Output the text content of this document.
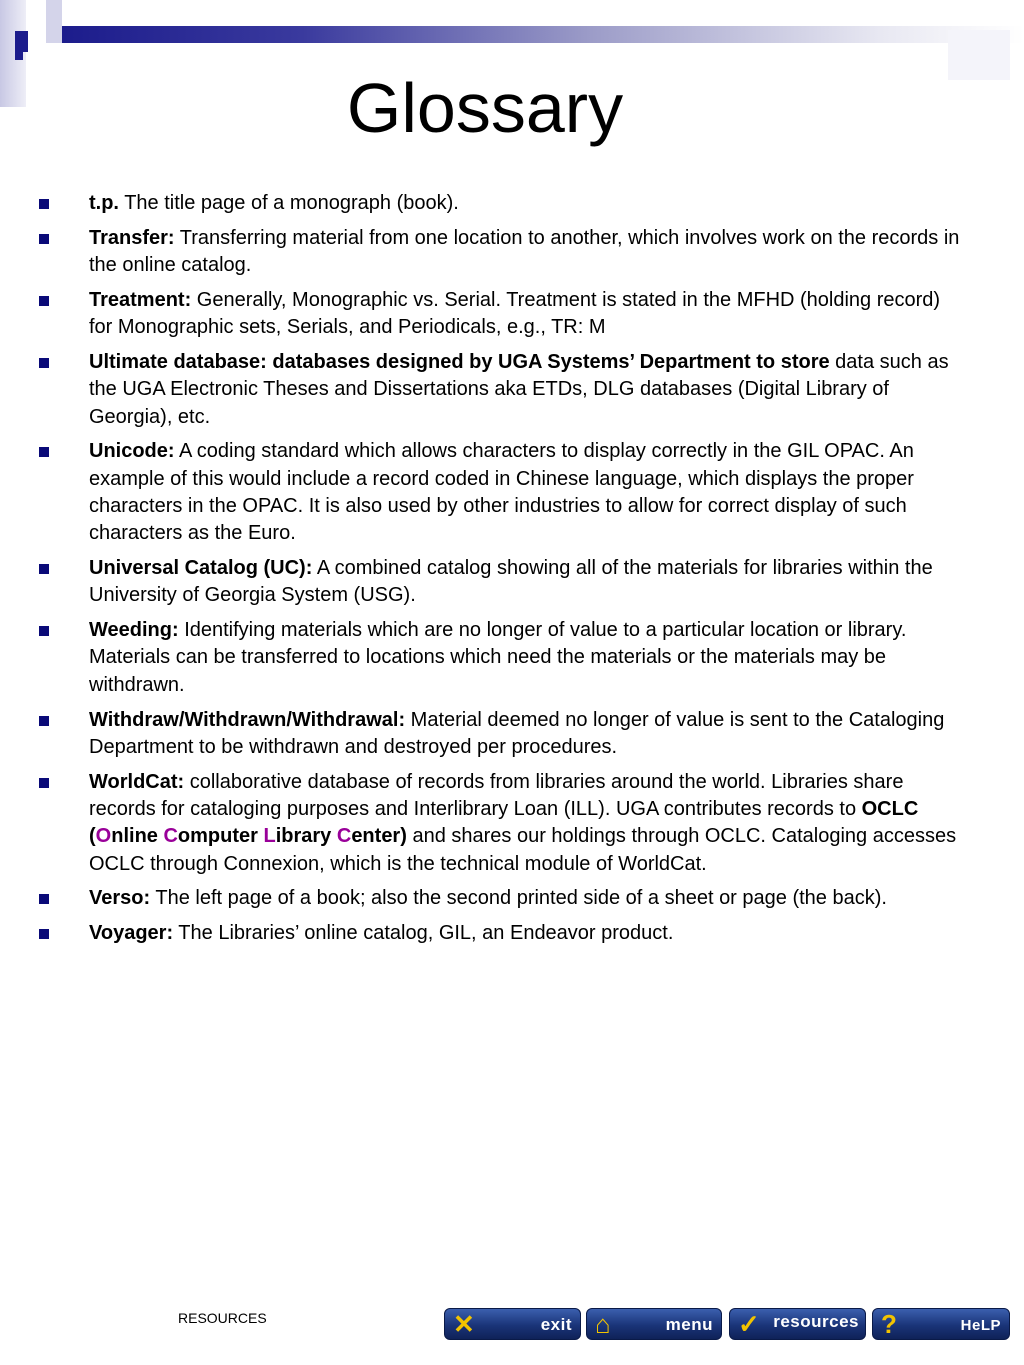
Glossary
t.p. The title page of a monograph (book).
Transfer: Transferring material from one location to another, which involves work on the records in the online catalog.
Treatment: Generally, Monographic vs. Serial. Treatment is stated in the MFHD (holding record) for Monographic sets, Serials, and Periodicals, e.g., TR: M
Ultimate database: databases designed by UGA Systems’ Department to store data such as the UGA Electronic Theses and Dissertations aka ETDs, DLG databases (Digital Library of Georgia), etc.
Unicode: A coding standard which allows characters to display correctly in the GIL OPAC. An example of this would include a record coded in Chinese language, which displays the proper characters in the OPAC. It is also used by other industries to allow for correct display of such characters as the Euro.
Universal Catalog (UC): A combined catalog showing all of the materials for libraries within the University of Georgia System (USG).
Weeding: Identifying materials which are no longer of value to a particular location or library. Materials can be transferred to locations which need the materials or the materials may be withdrawn.
Withdraw/Withdrawn/Withdrawal: Material deemed no longer of value is sent to the Cataloging Department to be withdrawn and destroyed per procedures.
WorldCat: collaborative database of records from libraries around the world. Libraries share records for cataloging purposes and Interlibrary Loan (ILL). UGA contributes records to OCLC (Online Computer Library Center) and shares our holdings through OCLC. Cataloging accesses OCLC through Connexion, which is the technical module of WorldCat.
Verso: The left page of a book; also the second printed side of a sheet or page (the back).
Voyager: The Libraries’ online catalog, GIL, an Endeavor product.
RESOURCES	✕	exit ⌂	menu ✓ resources ?	HeLP
